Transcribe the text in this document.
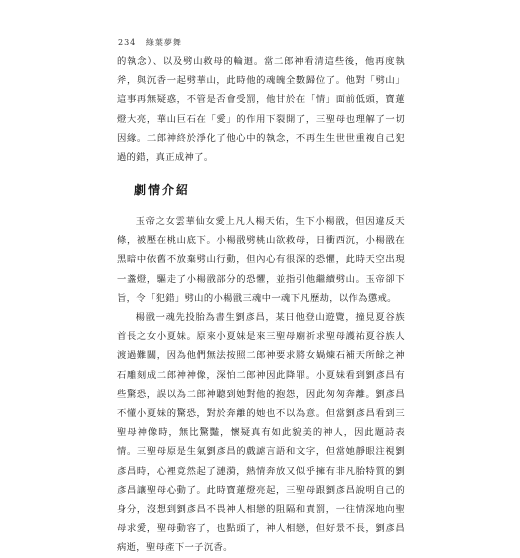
234 綠葉夢舞

的執念）、以及劈山救母的輪迴。當二郎神看清這些後，他再度執斧，與沉香一起劈華山，此時他的魂魄全數歸位了。他對「劈山」這事再無疑惑，不管是否會受罰，他甘於在「情」面前低頭，寶蓮燈大亮，華山巨石在「愛」的作用下裂開了，三聖母也理解了一切因緣。二郎神終於淨化了他心中的執念，不再生生世世重複自己犯過的錯，真正成神了。

劇情介紹

玉帝之女雲華仙女愛上凡人楊天佑，生下小楊戩，但因違反天條，被壓在桃山底下。小楊戩劈桃山欲救母，日衝西沉，小楊戩在黑暗中依舊不放棄劈山行動，但內心有很深的恐懼，此時天空出現一盞燈，驅走了小楊戩部分的恐懼，並指引他繼續劈山。玉帝卻下旨，令「犯錯」劈山的小楊戩三魂中一魂下凡歷劫，以作為懲戒。

楊戩一魂先投胎為書生劉彥昌，某日他登山遊覽，撞見夏谷族首長之女小夏妹。原來小夏妹是來三聖母廟祈求聖母護祐夏谷族人渡過難關，因為他們無法按照二郎神要求將女媧煉石補天所餘之神石雕刻成二郎神神像，深怕二郎神因此降罪。小夏妹看到劉彥昌有些驚恐，誤以為二郎神聽到她對他的抱怨，因此匆匆奔離。劉彥昌不懂小夏妹的驚恐，對於奔離的她也不以為意。但當劉彥昌看到三聖母神像時，無比驚豔，懷疑真有如此貌美的神人，因此題詩表情。三聖母原是生氣劉彥昌的戲謔言語和文字，但當她靜眼注視劉彥昌時，心裡竟然起了漣漪，熱情奔放又似乎擁有非凡胎特質的劉彥昌讓聖母心動了。此時寶蓮燈亮起，三聖母跟劉彥昌說明自己的身分，沒想到劉彥昌不畏神人相戀的阻隔和責罰，一往情深地向聖母求愛，聖母動容了，也點頭了，神人相戀，但好景不長，劉彥昌病逝，聖母產下一子沉香。
